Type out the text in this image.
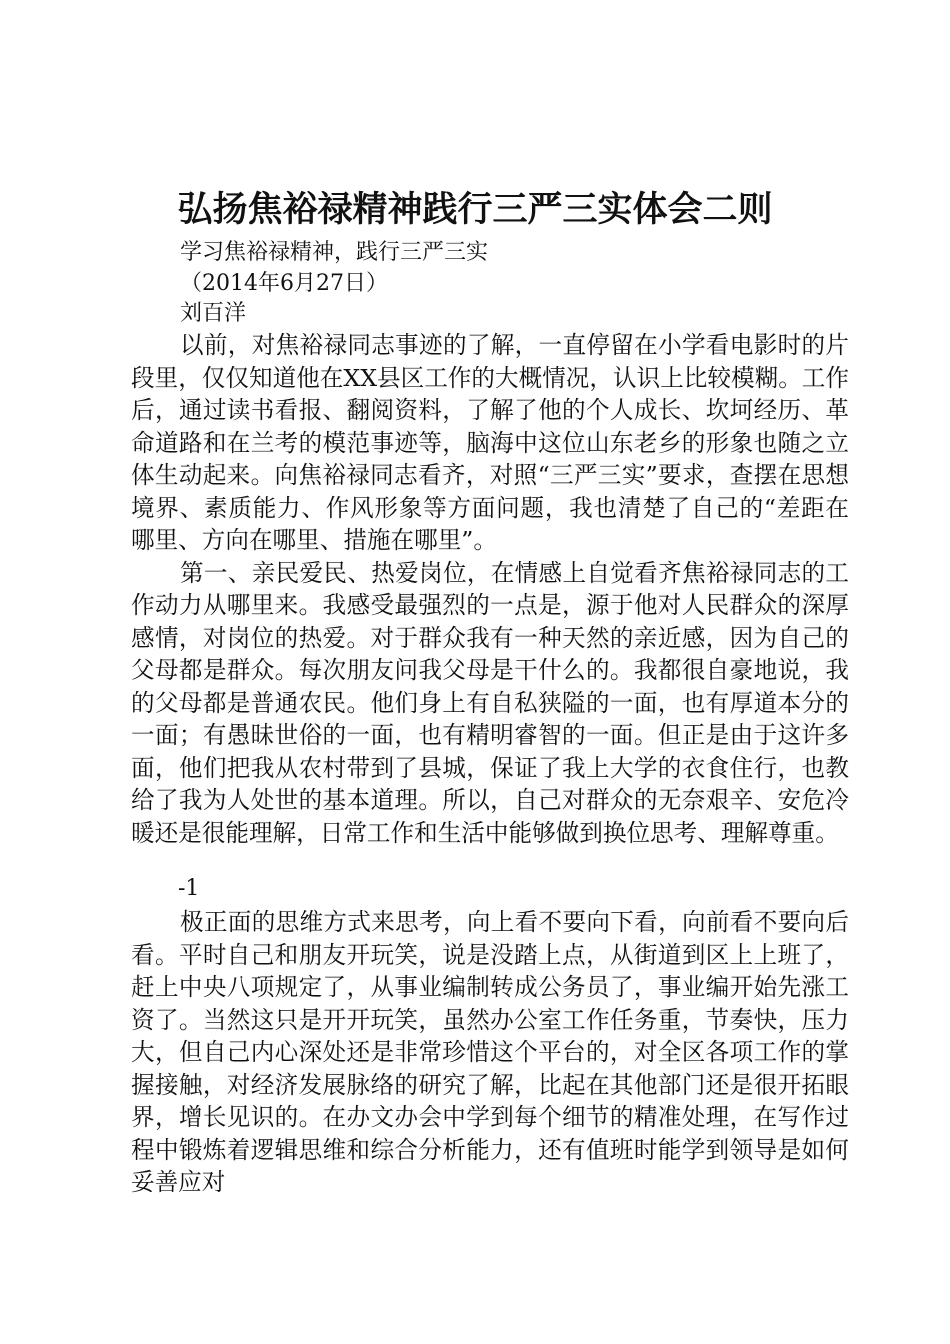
弘扬焦裕禄精神践行三严三实体会二则
学习焦裕禄精神，践行三严三实
（2014年6月27日）
刘百洋

以前，对焦裕禄同志事迹的了解，一直停留在小学看电影时的片段里，仅仅知道他在XX县区工作的大概情况，认识上比较模糊。工作后，通过读书看报、翻阅资料，了解了他的个人成长、坎坷经历、革命道路和在兰考的模范事迹等，脑海中这位山东老乡的形象也随之立体生动起来。向焦裕禄同志看齐，对照“三严三实”要求，查摆在思想境界、素质能力、作风形象等方面问题，我也清楚了自己的“差距在哪里、方向在哪里、措施在哪里”。

第一、亲民爱民、热爱岗位，在情感上自觉看齐焦裕禄同志的工作动力从哪里来。我感受最强烈的一点是，源于他对人民群众的深厚感情，对岗位的热爱。对于群众我有一种天然的亲近感，因为自己的父母都是群众。每次朋友问我父母是干什么的。我都很自豪地说，我的父母都是普通农民。他们身上有自私狭隘的一面，也有厚道本分的一面；有愚昧世俗的一面，也有精明睿智的一面。但正是由于这许多面，他们把我从农村带到了县城，保证了我上大学的衣食住行，也教给了我为人处世的基本道理。所以，自己对群众的无奈艰辛、安危冷暖还是很能理解，日常工作和生活中能够做到换位思考、理解尊重。

-1

极正面的思维方式来思考，向上看不要向下看，向前看不要向后看。平时自己和朋友开玩笑，说是没踏上点，从街道到区上上班了，赶上中央八项规定了，从事业编制转成公务员了，事业编开始先涨工资了。当然这只是开开玩笑，虽然办公室工作任务重，节奏快，压力大，但自己内心深处还是非常珍惜这个平台的，对全区各项工作的掌握接触，对经济发展脉络的研究了解，比起在其他部门还是很开拓眼界，增长见识的。在办文办会中学到每个细节的精准处理，在写作过程中锻炼着逻辑思维和综合分析能力，还有值班时能学到领导是如何妥善应对
